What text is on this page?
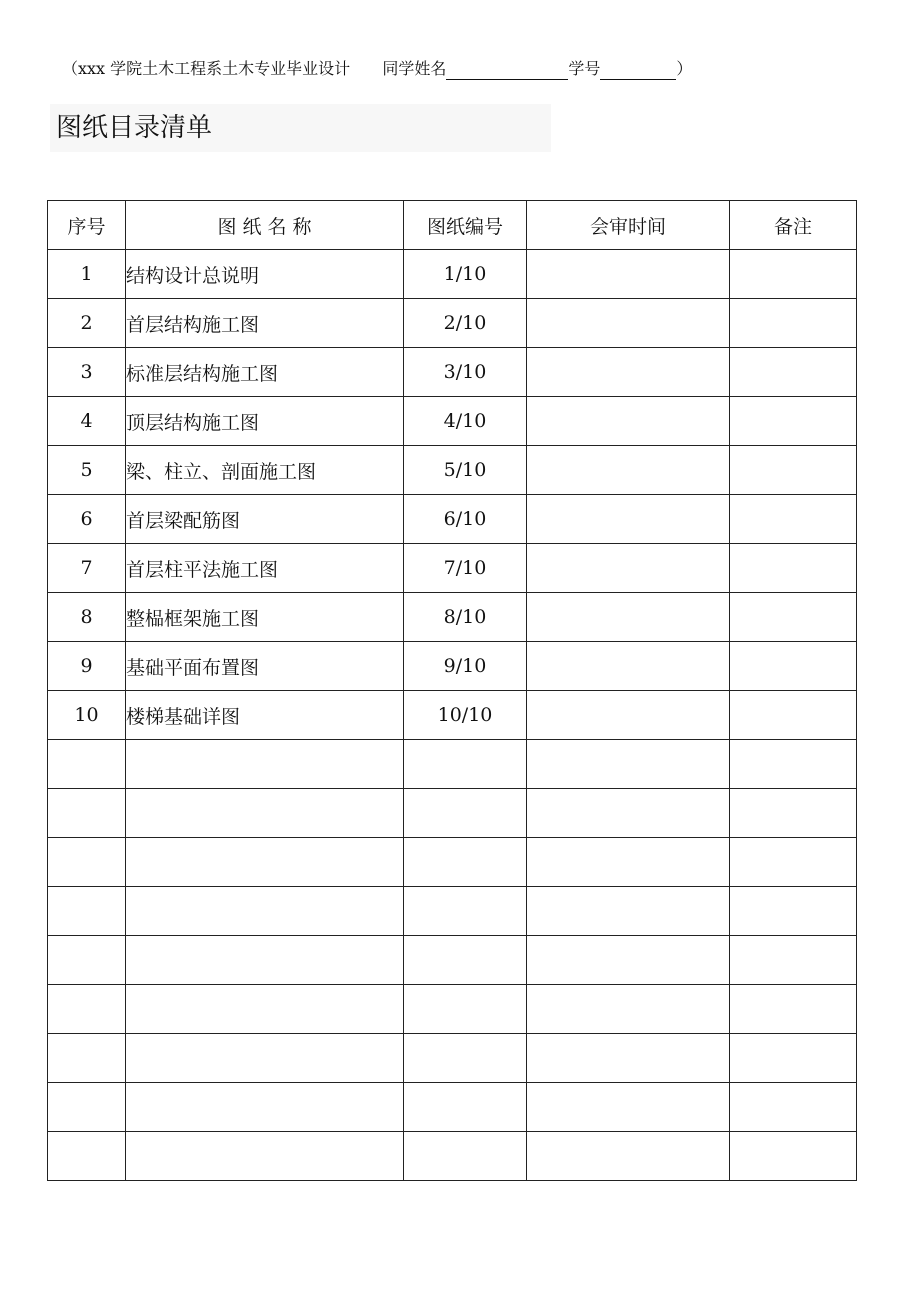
（xxx 学院土木工程系土木专业毕业设计 同学姓名	学号	）
图纸目录清单
序号	图 纸 名 称	图纸编号	会审时间	备注
1	结构设计总说明	1/10		
2	首层结构施工图	2/10		
3	标准层结构施工图	3/10		
4	顶层结构施工图	4/10		
5	梁、柱立、剖面施工图	5/10		
6	首层梁配筋图	6/10		
7	首层柱平法施工图	7/10		
8	整榀框架施工图	8/10		
9	基础平面布置图	9/10		
10	楼梯基础详图	10/10		
